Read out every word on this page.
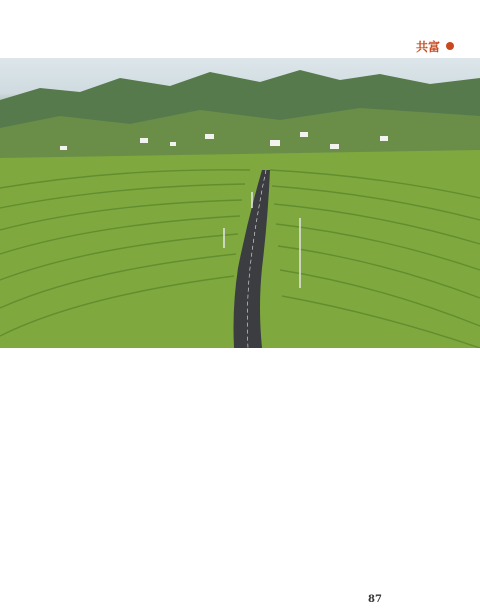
共富

87
